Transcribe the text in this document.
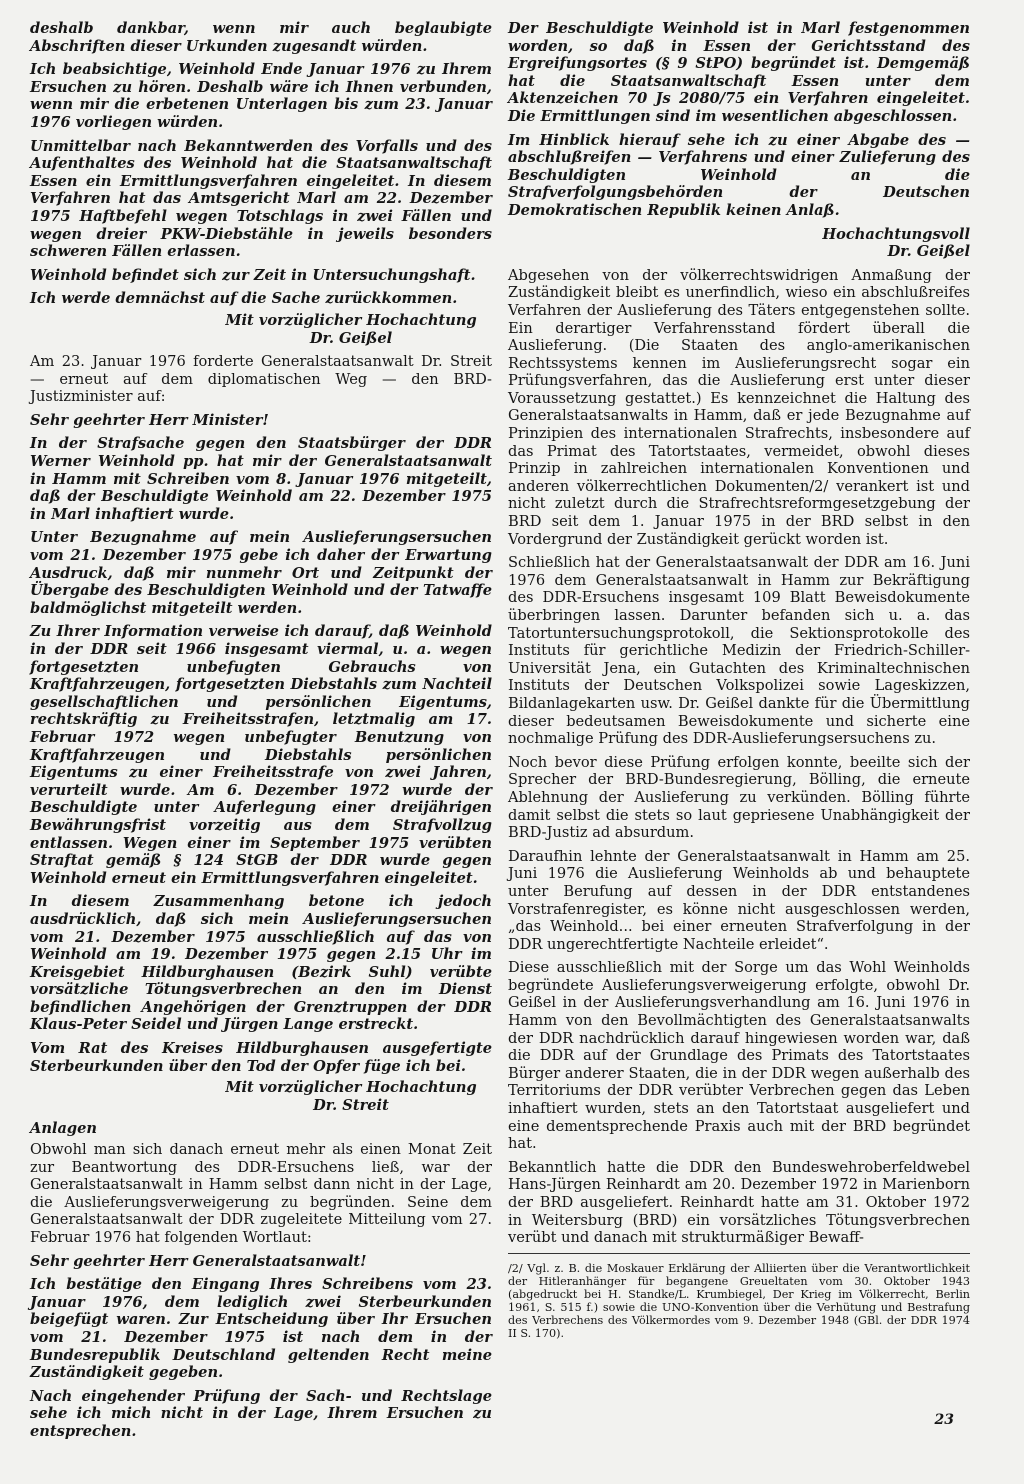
deshalb dankbar, wenn mir auch beglaubigte Abschriften dieser Urkunden zugesandt würden.

Ich beabsichtige, Weinhold Ende Januar 1976 zu Ihrem Ersuchen zu hören. Deshalb wäre ich Ihnen verbunden, wenn mir die erbetenen Unterlagen bis zum 23. Januar 1976 vorliegen würden.

Unmittelbar nach Bekanntwerden des Vorfalls und des Aufenthaltes des Weinhold hat die Staatsanwaltschaft Essen ein Ermittlungsverfahren eingeleitet. In diesem Verfahren hat das Amtsgericht Marl am 22. Dezember 1975 Haftbefehl wegen Totschlags in zwei Fällen und wegen dreier PKW-Diebstähle in jeweils besonders schweren Fällen erlassen.

Weinhold befindet sich zur Zeit in Untersuchungshaft.

Ich werde demnächst auf die Sache zurückkommen.

Mit vorzüglicher Hochachtung
Dr. Geißel

Am 23. Januar 1976 forderte Generalstaatsanwalt Dr. Streit — erneut auf dem diplomatischen Weg — den BRD-Justizminister auf:

Sehr geehrter Herr Minister!

In der Strafsache gegen den Staatsbürger der DDR Werner Weinhold pp. hat mir der Generalstaatsanwalt in Hamm mit Schreiben vom 8. Januar 1976 mitgeteilt, daß der Beschuldigte Weinhold am 22. Dezember 1975 in Marl inhaftiert wurde.

Unter Bezugnahme auf mein Auslieferungsersuchen vom 21. Dezember 1975 gebe ich daher der Erwartung Ausdruck, daß mir nunmehr Ort und Zeitpunkt der Übergabe des Beschuldigten Weinhold und der Tatwaffe baldmöglichst mitgeteilt werden.

Zu Ihrer Information verweise ich darauf, daß Weinhold in der DDR seit 1966 insgesamt viermal, u. a. wegen fortgesetzten unbefugten Gebrauchs von Kraftfahrzeugen, fortgesetzten Diebstahls zum Nachteil gesellschaftlichen und persönlichen Eigentums, rechtskräftig zu Freiheitsstrafen, letztmalig am 17. Februar 1972 wegen unbefugter Benutzung von Kraftfahrzeugen und Diebstahls persönlichen Eigentums zu einer Freiheitsstrafe von zwei Jahren, verurteilt wurde. Am 6. Dezember 1972 wurde der Beschuldigte unter Auferlegung einer dreijährigen Bewährungsfrist vorzeitig aus dem Strafvollzug entlassen. Wegen einer im September 1975 verübten Straftat gemäß § 124 StGB der DDR wurde gegen Weinhold erneut ein Ermittlungsverfahren eingeleitet.

In diesem Zusammenhang betone ich jedoch ausdrücklich, daß sich mein Auslieferungsersuchen vom 21. Dezember 1975 ausschließlich auf das von Weinhold am 19. Dezember 1975 gegen 2.15 Uhr im Kreisgebiet Hildburghausen (Bezirk Suhl) verübte vorsätzliche Tötungsverbrechen an den im Dienst befindlichen Angehörigen der Grenztruppen der DDR Klaus-Peter Seidel und Jürgen Lange erstreckt.

Vom Rat des Kreises Hildburghausen ausgefertigte Sterbeurkunden über den Tod der Opfer füge ich bei.

Mit vorzüglicher Hochachtung
Dr. Streit

Anlagen

Obwohl man sich danach erneut mehr als einen Monat Zeit zur Beantwortung des DDR-Ersuchens ließ, war der Generalstaatsanwalt in Hamm selbst dann nicht in der Lage, die Auslieferungsverweigerung zu begründen. Seine dem Generalstaatsanwalt der DDR zugeleitete Mitteilung vom 27. Februar 1976 hat folgenden Wortlaut:

Sehr geehrter Herr Generalstaatsanwalt!

Ich bestätige den Eingang Ihres Schreibens vom 23. Januar 1976, dem lediglich zwei Sterbeurkunden beigefügt waren. Zur Entscheidung über Ihr Ersuchen vom 21. Dezember 1975 ist nach dem in der Bundesrepublik Deutschland geltenden Recht meine Zuständigkeit gegeben.

Nach eingehender Prüfung der Sach- und Rechtslage sehe ich mich nicht in der Lage, Ihrem Ersuchen zu entsprechen.

Der Beschuldigte Weinhold ist in Marl festgenommen worden, so daß in Essen der Gerichtsstand des Ergreifungsortes (§ 9 StPO) begründet ist. Demgemäß hat die Staatsanwaltschaft Essen unter dem Aktenzeichen 70 Js 2080/75 ein Verfahren eingeleitet. Die Ermittlungen sind im wesentlichen abgeschlossen.

Im Hinblick hierauf sehe ich zu einer Abgabe des — abschlußreifen — Verfahrens und einer Zulieferung des Beschuldigten Weinhold an die Strafverfolgungsbehörden der Deutschen Demokratischen Republik keinen Anlaß.

Hochachtungsvoll
Dr. Geißel

Abgesehen von der völkerrechtswidrigen Anmaßung der Zuständigkeit bleibt es unerfindlich, wieso ein abschlußreifes Verfahren der Auslieferung des Täters entgegenstehen sollte. Ein derartiger Verfahrensstand fördert überall die Auslieferung. (Die Staaten des anglo-amerikanischen Rechtssystems kennen im Auslieferungsrecht sogar ein Prüfungsverfahren, das die Auslieferung erst unter dieser Voraussetzung gestattet.) Es kennzeichnet die Haltung des Generalstaatsanwalts in Hamm, daß er jede Bezugnahme auf Prinzipien des internationalen Strafrechts, insbesondere auf das Primat des Tatortstaates, vermeidet, obwohl dieses Prinzip in zahlreichen internationalen Konventionen und anderen völkerrechtlichen Dokumenten/2/ verankert ist und nicht zuletzt durch die Strafrechtsreformgesetzgebung der BRD seit dem 1. Januar 1975 in der BRD selbst in den Vordergrund der Zuständigkeit gerückt worden ist.

Schließlich hat der Generalstaatsanwalt der DDR am 16. Juni 1976 dem Generalstaatsanwalt in Hamm zur Bekräftigung des DDR-Ersuchens insgesamt 109 Blatt Beweisdokumente überbringen lassen. Darunter befanden sich u. a. das Tatortuntersuchungsprotokoll, die Sektionsprotokolle des Instituts für gerichtliche Medizin der Friedrich-Schiller-Universität Jena, ein Gutachten des Kriminaltechnischen Instituts der Deutschen Volkspolizei sowie Lageskizzen, Bildanlagekarten usw. Dr. Geißel dankte für die Übermittlung dieser bedeutsamen Beweisdokumente und sicherte eine nochmalige Prüfung des DDR-Auslieferungsersuchens zu.

Noch bevor diese Prüfung erfolgen konnte, beeilte sich der Sprecher der BRD-Bundesregierung, Bölling, die erneute Ablehnung der Auslieferung zu verkünden. Bölling führte damit selbst die stets so laut gepriesene Unabhängigkeit der BRD-Justiz ad absurdum.

Daraufhin lehnte der Generalstaatsanwalt in Hamm am 25. Juni 1976 die Auslieferung Weinholds ab und behauptete unter Berufung auf dessen in der DDR entstandenes Vorstrafenregister, es könne nicht ausgeschlossen werden, „das Weinhold... bei einer erneuten Strafverfolgung in der DDR ungerechtfertigte Nachteile erleidet“.

Diese ausschließlich mit der Sorge um das Wohl Weinholds begründete Auslieferungsverweigerung erfolgte, obwohl Dr. Geißel in der Auslieferungsverhandlung am 16. Juni 1976 in Hamm von den Bevollmächtigten des Generalstaatsanwalts der DDR nachdrücklich darauf hingewiesen worden war, daß die DDR auf der Grundlage des Primats des Tatortstaates Bürger anderer Staaten, die in der DDR wegen außerhalb des Territoriums der DDR verübter Verbrechen gegen das Leben inhaftiert wurden, stets an den Tatortstaat ausgeliefert und eine dementsprechende Praxis auch mit der BRD begründet hat.

Bekanntlich hatte die DDR den Bundeswehroberfeldwebel Hans-Jürgen Reinhardt am 20. Dezember 1972 in Marienborn der BRD ausgeliefert. Reinhardt hatte am 31. Oktober 1972 in Weitersburg (BRD) ein vorsätzliches Tötungsverbrechen verübt und danach mit strukturmäßiger Bewaff-

/2/ Vgl. z. B. die Moskauer Erklärung der Alliierten über die Verantwortlichkeit der Hitleranhänger für begangene Greueltaten vom 30. Oktober 1943 (abgedruckt bei H. Standke/L. Krumbiegel, Der Krieg im Völkerrecht, Berlin 1961, S. 515 f.) sowie die UNO-Konvention über die Verhütung und Bestrafung des Verbrechens des Völkermordes vom 9. Dezember 1948 (GBl. der DDR 1974 II S. 170).

23
